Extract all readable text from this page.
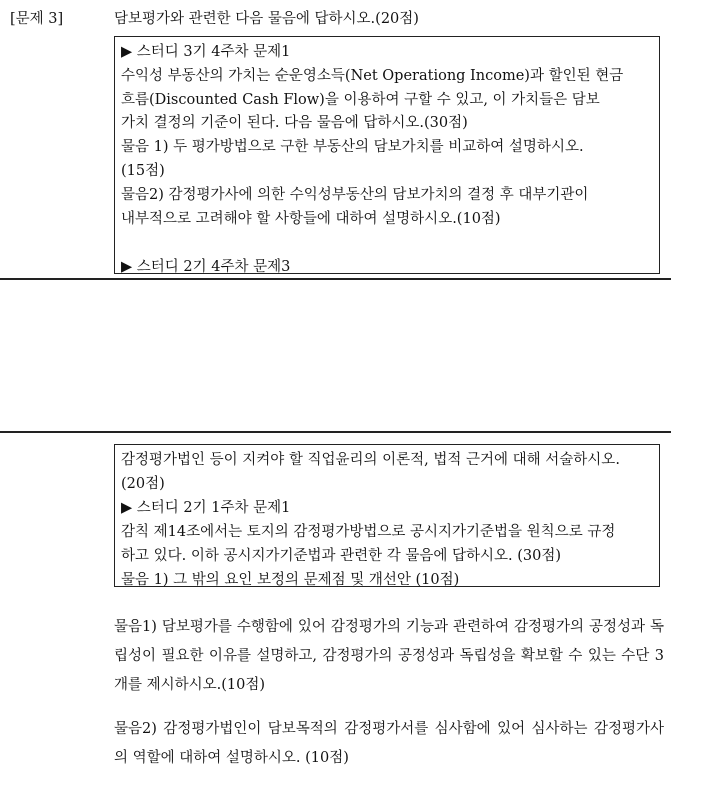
[문제 3]	담보평가와 관련한 다음 물음에 답하시오.(20점)
▶ 스터디 3기 4주차 문제1
수익성 부동산의 가치는 순운영소득(Net Operationg Income)과 할인된 현금
흐름(Discounted Cash Flow)을 이용하여 구할 수 있고, 이 가치들은 담보
가치 결정의 기준이 된다. 다음 물음에 답하시오.(30점)
물음 1) 두 평가방법으로 구한 부동산의 담보가치를 비교하여 설명하시오.
(15점)
물음2) 감정평가사에 의한 수익성부동산의 담보가치의 결정 후 대부기관이
내부적으로 고려해야 할 사항들에 대하여 설명하시오.(10점)
▶ 스터디 2기 4주차 문제3
감정평가법인 등이 지켜야 할 직업윤리의 이론적, 법적 근거에 대해 서술하시오.
(20점)
▶ 스터디 2기 1주차 문제1
감칙 제14조에서는 토지의 감정평가방법으로 공시지가기준법을 원칙으로 규정
하고 있다. 이하 공시지가기준법과 관련한 각 물음에 답하시오. (30점)
물음 1) 그 밖의 요인 보정의 문제점 및 개선안 (10점)
물음1) 담보평가를 수행함에 있어 감정평가의 기능과 관련하여 감정평가의 공정성과 독립성이 필요한 이유를 설명하고, 감정평가의 공정성과 독립성을 확보할 수 있는 수단 3개를 제시하시오.(10점)
물음2) 감정평가법인이 담보목적의 감정평가서를 심사함에 있어 심사하는 감정평가사의 역할에 대하여 설명하시오. (10점)
